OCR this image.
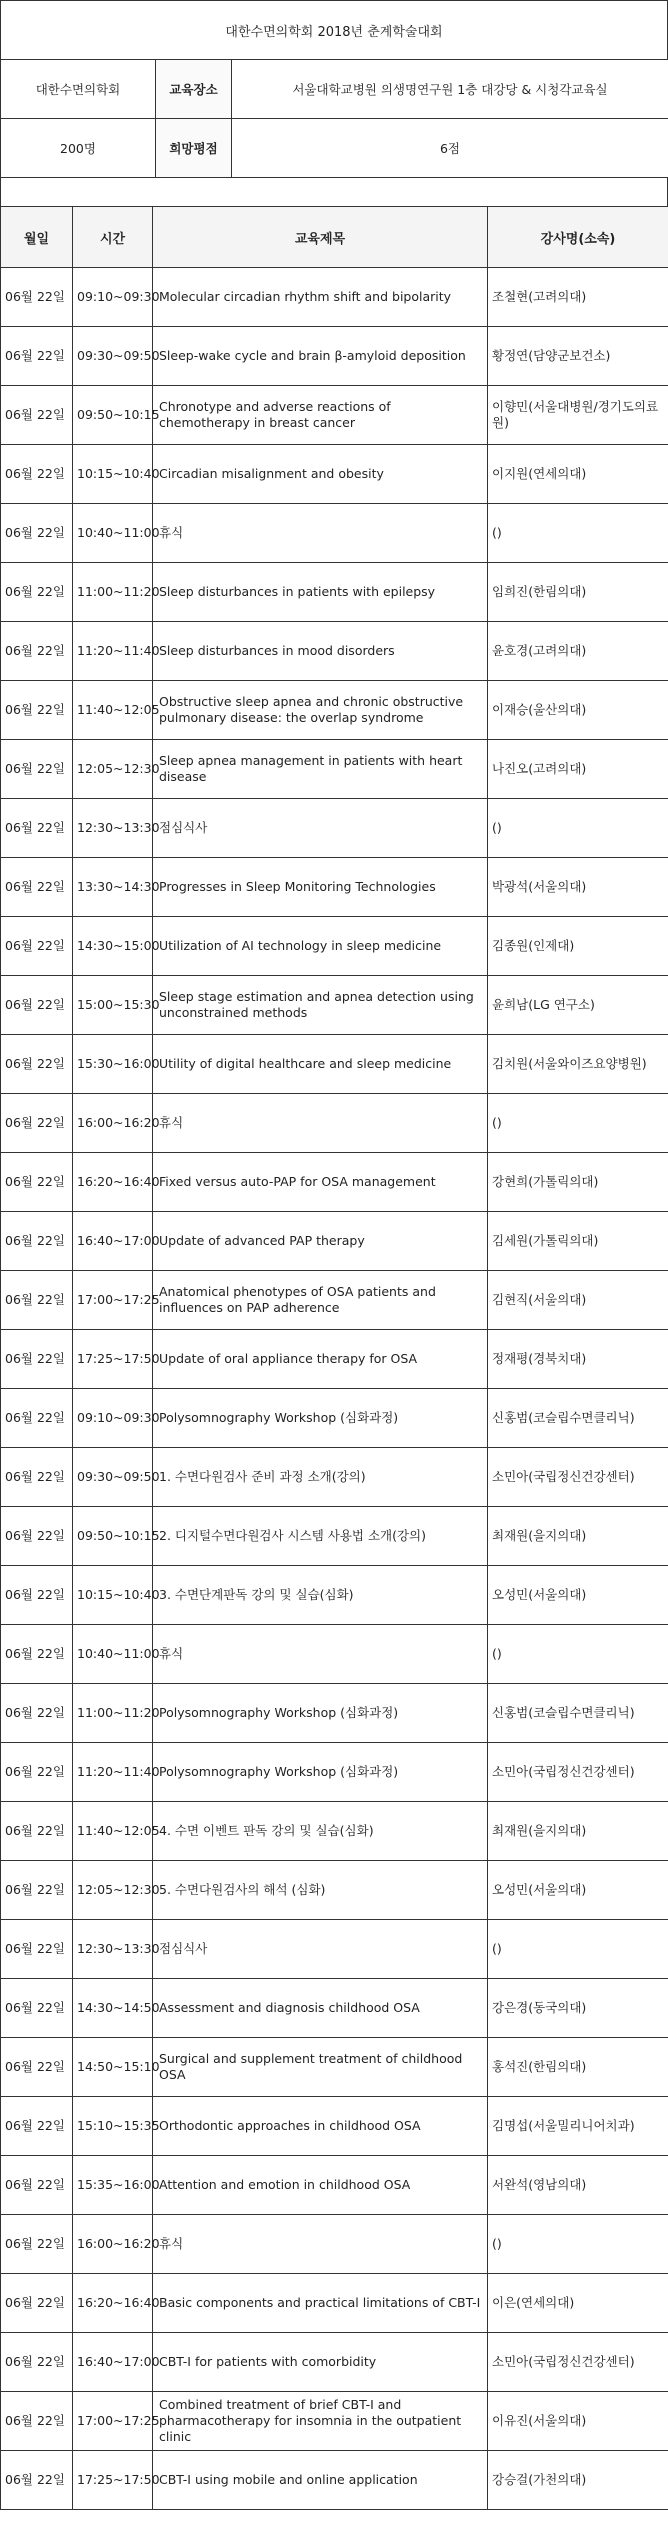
대한수면의학회 2018년 춘계학술대회
대한수면의학회	교육장소	서울대학교병원 의생명연구원 1층 대강당 & 시청각교육실
200명	희망평점	6점
월일	시간	교육제목	강사명(소속)
06월 22일	09:10~09:30	Molecular circadian rhythm shift and bipolarity	조철현(고려의대)
06월 22일	09:30~09:50	Sleep-wake cycle and brain β-amyloid deposition	황정연(담양군보건소)
06월 22일	09:50~10:15	Chronotype and adverse reactions of chemotherapy in breast cancer	이향민(서울대병원/경기도의료원)
06월 22일	10:15~10:40	Circadian misalignment and obesity	이지원(연세의대)
06월 22일	10:40~11:00	휴식	()
06월 22일	11:00~11:20	Sleep disturbances in patients with epilepsy	임희진(한림의대)
06월 22일	11:20~11:40	Sleep disturbances in mood disorders	윤호경(고려의대)
06월 22일	11:40~12:05	Obstructive sleep apnea and chronic obstructive pulmonary disease: the overlap syndrome	이재승(울산의대)
06월 22일	12:05~12:30	Sleep apnea management in patients with heart disease	나진오(고려의대)
06월 22일	12:30~13:30	점심식사	()
06월 22일	13:30~14:30	Progresses in Sleep Monitoring Technologies	박광석(서울의대)
06월 22일	14:30~15:00	Utilization of AI technology in sleep medicine	김종원(인제대)
06월 22일	15:00~15:30	Sleep stage estimation and apnea detection using unconstrained methods	윤희남(LG 연구소)
06월 22일	15:30~16:00	Utility of digital healthcare and sleep medicine	김치원(서울와이즈요양병원)
06월 22일	16:00~16:20	휴식	()
06월 22일	16:20~16:40	Fixed versus auto-PAP for OSA management	강현희(가톨릭의대)
06월 22일	16:40~17:00	Update of advanced PAP therapy	김세원(가톨릭의대)
06월 22일	17:00~17:25	Anatomical phenotypes of OSA patients and influences on PAP adherence	김현직(서울의대)
06월 22일	17:25~17:50	Update of oral appliance therapy for OSA	정재평(경북치대)
06월 22일	09:10~09:30	Polysomnography Workshop (심화과정)	신홍범(코슬립수면클리닉)
06월 22일	09:30~09:50	1. 수면다원검사 준비 과정 소개(강의)	소민아(국립정신건강센터)
06월 22일	09:50~10:15	2. 디지털수면다원검사 시스템 사용법 소개(강의)	최재원(을지의대)
06월 22일	10:15~10:40	3. 수면단계판독 강의 및 실습(심화)	오성민(서울의대)
06월 22일	10:40~11:00	휴식	()
06월 22일	11:00~11:20	Polysomnography Workshop (심화과정)	신홍범(코슬립수면클리닉)
06월 22일	11:20~11:40	Polysomnography Workshop (심화과정)	소민아(국립정신건강센터)
06월 22일	11:40~12:05	4. 수면 이벤트 판독 강의 및 실습(심화)	최재원(을지의대)
06월 22일	12:05~12:30	5. 수면다원검사의 해석 (심화)	오성민(서울의대)
06월 22일	12:30~13:30	점심식사	()
06월 22일	14:30~14:50	Assessment and diagnosis childhood OSA	강은경(동국의대)
06월 22일	14:50~15:10	Surgical and supplement treatment of childhood OSA	홍석진(한림의대)
06월 22일	15:10~15:35	Orthodontic approaches in childhood OSA	김명섭(서울밀리니어치과)
06월 22일	15:35~16:00	Attention and emotion in childhood OSA	서완석(영남의대)
06월 22일	16:00~16:20	휴식	()
06월 22일	16:20~16:40	Basic components and practical limitations of CBT-I	이은(연세의대)
06월 22일	16:40~17:00	CBT-I for patients with comorbidity	소민아(국립정신건강센터)
06월 22일	17:00~17:25	Combined treatment of brief CBT-I and pharmacotherapy for insomnia in the outpatient clinic	이유진(서울의대)
06월 22일	17:25~17:50	CBT-I using mobile and online application	강승걸(가천의대)
